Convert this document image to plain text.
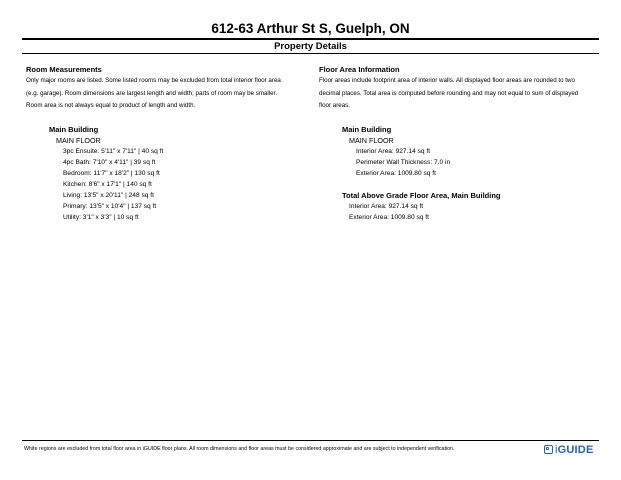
612-63 Arthur St S, Guelph, ON
Property Details
Room Measurements
Only major rooms are listed. Some listed rooms may be excluded from total interior floor area
(e.g. garage). Room dimensions are largest length and width; parts of room may be smaller.
Room area is not always equal to product of length and width.
Main Building
MAIN FLOOR
3pc Ensuite: 5'11" x 7'11" | 40 sq ft
4pc Bath: 7'10" x 4'11" | 39 sq ft
Bedroom: 11'7" x 18'2" | 130 sq ft
Kitchen: 8'6" x 17'1" | 140 sq ft
Living: 13'5" x 20'11" | 248 sq ft
Primary: 13'5" x 10'4" | 137 sq ft
Utility: 3'1" x 3'3" | 10 sq ft
Floor Area Information
Floor areas include footprint area of interior walls. All displayed floor areas are rounded to two
decimal places. Total area is computed before rounding and may not equal to sum of displayed
floor areas.
Main Building
MAIN FLOOR
Interior Area: 927.14 sq ft
Perimeter Wall Thickness: 7.0 in
Exterior Area: 1009.80 sq ft
Total Above Grade Floor Area, Main Building
Interior Area: 927.14 sq ft
Exterior Area: 1009.80 sq ft
White regions are excluded from total floor area in iGUIDE floor plans. All room dimensions and floor areas must be considered approximate and are subject to independent verification.	iGUIDE
